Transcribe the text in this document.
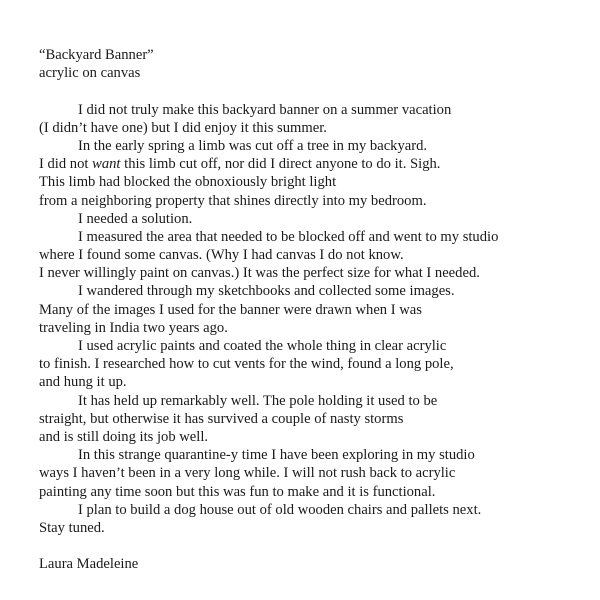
“Backyard Banner”
acrylic on canvas
I did not truly make this backyard banner on a summer vacation
(I didn’t have one) but I did enjoy it this summer.
In the early spring a limb was cut off a tree in my backyard.
I did not want this limb cut off, nor did I direct anyone to do it. Sigh.
This limb had blocked the obnoxiously bright light
from a neighboring property that shines directly into my bedroom.
I needed a solution.
I measured the area that needed to be blocked off and went to my studio
where I found some canvas. (Why I had canvas I do not know.
I never willingly paint on canvas.) It was the perfect size for what I needed.
I wandered through my sketchbooks and collected some images.
Many of the images I used for the banner were drawn when I was
traveling in India two years ago.
I used acrylic paints and coated the whole thing in clear acrylic
to finish. I researched how to cut vents for the wind, found a long pole,
and hung it up.
It has held up remarkably well. The pole holding it used to be
straight, but otherwise it has survived a couple of nasty storms
and is still doing its job well.
In this strange quarantine-y time I have been exploring in my studio
ways I haven’t been in a very long while. I will not rush back to acrylic
painting any time soon but this was fun to make and it is functional.
I plan to build a dog house out of old wooden chairs and pallets next.
Stay tuned.
Laura Madeleine
